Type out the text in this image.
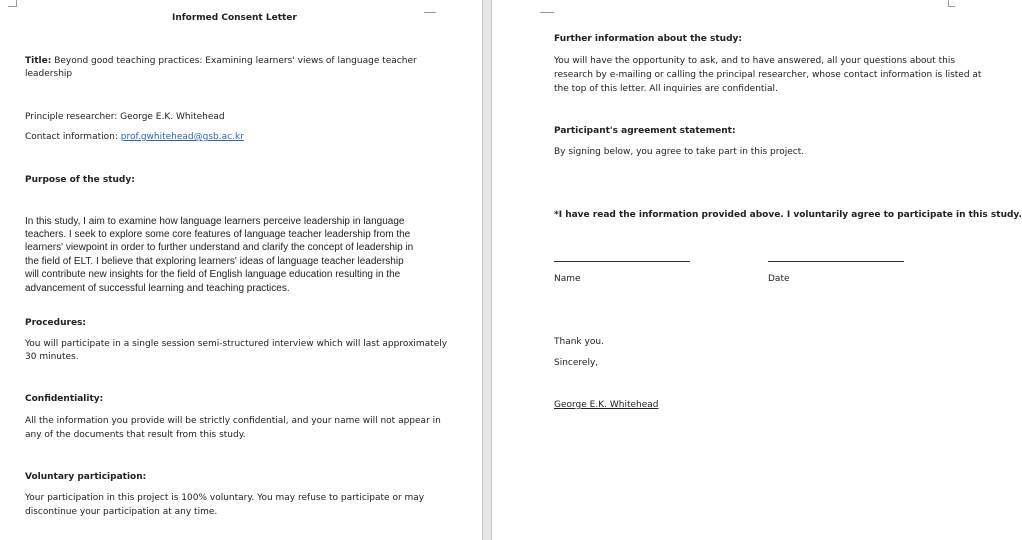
Informed Consent Letter
Title: Beyond good teaching practices: Examining learners' views of language teacher
leadership
Principle researcher: George E.K. Whitehead
Contact information: prof.gwhitehead@gsb.ac.kr
Purpose of the study:
In this study, I aim to examine how language learners perceive leadership in language
teachers. I seek to explore some core features of language teacher leadership from the
learners' viewpoint in order to further understand and clarify the concept of leadership in
the field of ELT. I believe that exploring learners' ideas of language teacher leadership
will contribute new insights for the field of English language education resulting in the
advancement of successful learning and teaching practices.
Procedures:
You will participate in a single session semi-structured interview which will last approximately
30 minutes.
Confidentiality:
All the information you provide will be strictly confidential, and your name will not appear in
any of the documents that result from this study.
Voluntary participation:
Your participation in this project is 100% voluntary. You may refuse to participate or may
discontinue your participation at any time.
Further information about the study:
You will have the opportunity to ask, and to have answered, all your questions about this
research by e-mailing or calling the principal researcher, whose contact information is listed at
the top of this letter. All inquiries are confidential.
Participant's agreement statement:
By signing below, you agree to take part in this project.
*I have read the information provided above. I voluntarily agree to participate in this study.
Name	Date
Thank you.
Sincerely,
George E.K. Whitehead
